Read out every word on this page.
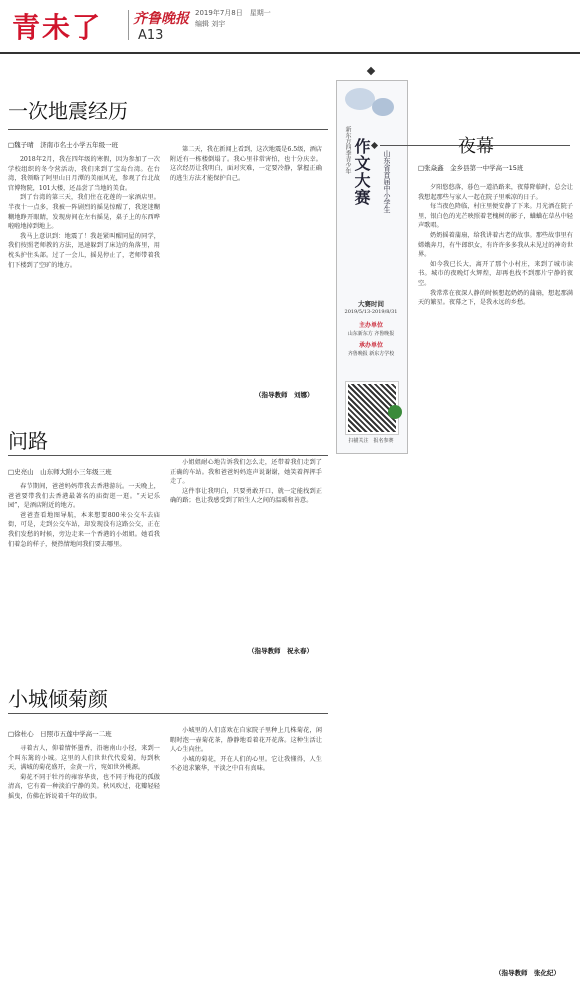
青未了 齐鲁晚报
A13
2019年7月8日　星期一
编辑 刘宇
一次地震经历
□魏子晴　济南市名士小学五年级一班

2018年2月，我在四年级的寒假，因为参加了一次学校组织的冬令营活动，我们来到了宝岛台湾。在台湾，我领略了阿里山日月潭的美丽风光，参观了台北故宫博物院，101大楼，还品尝了当地的美食。

到了台湾的第三天，我们住在花莲的一家酒店里。半夜十一点多，我被一阵剧烈的摇晃惊醒了，我迷迷糊糊地睁开眼睛，发现房间在左右摇晃，桌子上的东西哗啦啦地掉到地上。

我马上意识到：地震了！我赶紧叫醒同屋的同学，我们按照老师教的方法，迅速躲到了床边的角落里，用枕头护住头部。过了一会儿，摇晃停止了，老师带着我们下楼到了空旷的地方。

第二天，我在新闻上看到，这次地震是6.5级，酒店附近有一栋楼倒塌了。我心里非常害怕，也十分庆幸。这次经历让我明白，面对灾难，一定要冷静，掌握正确的逃生方法才能保护自己。

（指导教师　刘娜）
问路
□史亮山　山东师大附小三年级三班

春节期间，爸爸妈妈带我去香港游玩。一天晚上，爸爸要带我们去香港最著名的庙街逛一逛。“天记乐园”，是酒店附近的地方。

爸爸查看地图导航，本来想要800米公交车去庙街，可是，走到公交车站，却发现没有这路公交，正在我们发愁的时候，旁边走来一个香港的小姐姐。她看我们着急的样子，便热情地问我们要去哪里。

小姐姐耐心地告诉我们怎么走，还带着我们走到了正确的车站。我和爸爸妈妈连声说谢谢，她笑着挥挥手走了。

这件事让我明白，只要勇敢开口，就一定能找到正确的路；也让我感受到了陌生人之间的温暖和善意。

（指导教师　祝永春）
小城倾菊颜
□徐杜心　日照市五莲中学高一二班

寻着古人，仰着情怀墨香，沿塘南山小径，来到一个叫东篱的小城。这里的人们世世代代爱菊，每到秋天，满城的菊花盛开，金黄一片，宛如世外桃源。

菊花不同于牡丹的雍容华贵，也不同于梅花的孤傲清高，它有着一种淡泊宁静的美。秋风吹过，花瓣轻轻摇曳，仿佛在诉说着千年的故事。

小城里的人们喜欢在自家院子里种上几株菊花，闲暇时泡一壶菊花茶，静静地看着花开花落。这种生活让人心生向往。

小城的菊花，开在人们的心里。它让我懂得，人生不必追求繁华，平淡之中自有真味。

新东方四季青少年 作文大赛 山东省首届中小学生
大赛时间
2019/5/13-2019/8/31
主办单位
山东新东方 齐鲁晚报
承办单位
齐鲁晚报 新东方学校
扫描关注　报名参赛
夜幕
□张焱鑫　金乡县第一中学高一15班

夕阳悠悠落，暮色一道沿路来，夜幕降临时，总会让我想起那些与家人一起在院子里乘凉的日子。

每当夜色降临，村庄里便安静了下来。月光洒在院子里，银白色的光芒映照着老槐树的影子，蛐蛐在草丛中轻声歌唱。

奶奶摇着蒲扇，给我讲着古老的故事。那些故事里有嫦娥奔月，有牛郎织女，有许许多多我从未见过的神奇世界。

如今我已长大，离开了那个小村庄，来到了城市读书。城市的夜晚灯火辉煌，却再也找不到那片宁静的夜空。

我常常在夜深人静的时候想起奶奶的蒲扇，想起那满天的繁星。夜幕之下，是我永远的乡愁。

（指导教师　张化纪）
